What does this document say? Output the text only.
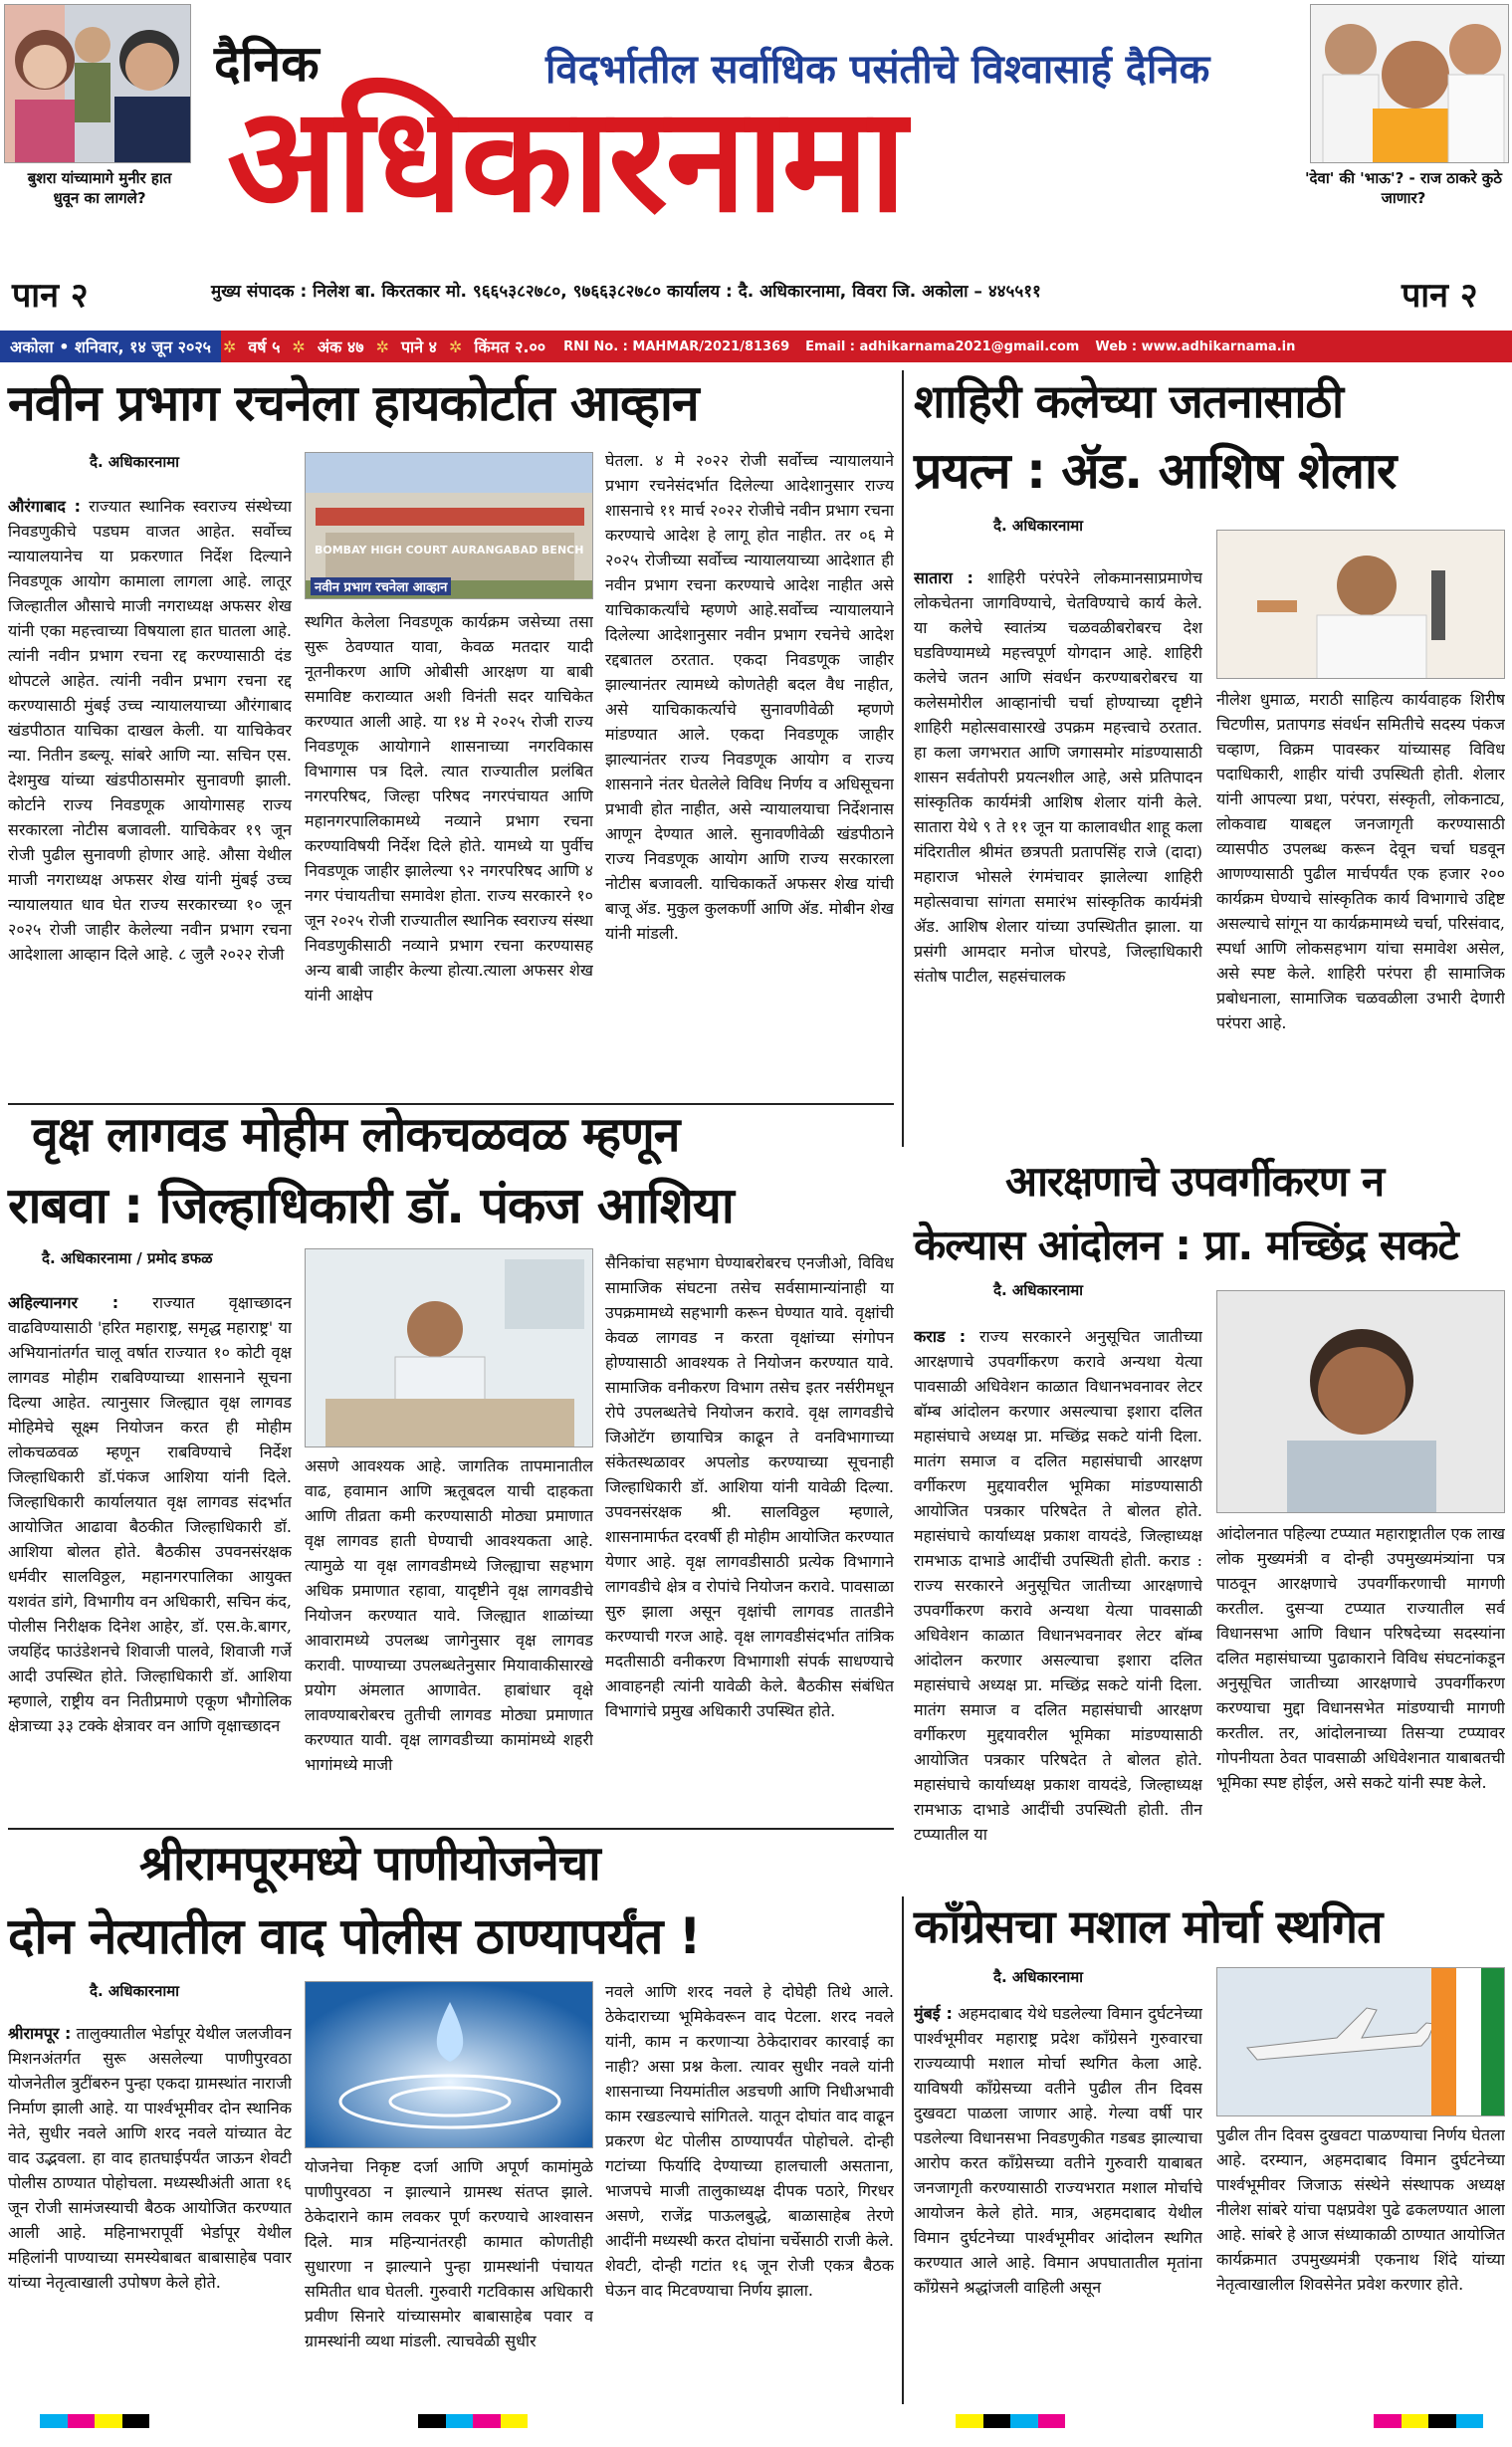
बुशरा यांच्यामागे मुनीर हात धुवून का लागले?
'देवा' की 'भाऊ'? - राज ठाकरे कुठे जाणार?
दैनिक	विदर्भातील सर्वाधिक पसंतीचे विश्वासार्ह दैनिक
अधिकारनामा
पान २	पान २
मुख्य संपादक : निलेश बा. किरतकार मो. ९६६५३८२७८०, ९७६६३८२७८० कार्यालय : दै. अधिकारनामा, विवरा जि. अकोला – ४४५५११
अकोला • शनिवार, १४ जून २०२५ ✲ वर्ष ५ ✲ अंक ४७ ✲ पाने ४ ✲ किंमत २.००	RNI No. : MAHMAR/2021/81369	Email : adhikarnama2021@gmail.com	Web : www.adhikarnama.in
नवीन प्रभाग रचनेला हायकोर्टात आव्हान
दै. अधिकारनामा
औरंगाबाद : राज्यात स्थानिक स्वराज्य संस्थेच्या निवडणुकीचे पडघम वाजत आहेत. सर्वोच्च न्यायालयानेच या प्रकरणात निर्देश दिल्याने निवडणूक आयोग कामाला लागला आहे. लातूर जिल्हातील औसाचे माजी नगराध्यक्ष अफसर शेख यांनी एका महत्त्वाच्या विषयाला हात घातला आहे. त्यांनी नवीन प्रभाग रचना रद्द करण्यासाठी दंड थोपटले आहेत. त्यांनी नवीन प्रभाग रचना रद्द करण्यासाठी मुंबई उच्च न्यायालयाच्या औरंगाबाद खंडपीठात याचिका दाखल केली. या याचिकेवर न्या. नितीन डब्ल्यू. सांबरे आणि न्या. सचिन एस. देशमुख यांच्या खंडपीठासमोर सुनावणी झाली. कोर्टाने राज्य निवडणूक आयोगासह राज्य सरकारला नोटीस बजावली. याचिकेवर १९ जून रोजी पुढील सुनावणी होणार आहे. औसा येथील माजी नगराध्यक्ष अफसर शेख यांनी मुंबई उच्च न्यायालयात धाव घेत राज्य सरकारच्या १० जून २०२५ रोजी जाहीर केलेल्या नवीन प्रभाग रचना आदेशाला आव्हान दिले आहे. ८ जुलै २०२२ रोजी
BOMBAY HIGH COURT AURANGABAD BENCH
नवीन प्रभाग रचनेला आव्हान
स्थगित केलेला निवडणूक कार्यक्रम जसेच्या तसा सुरू ठेवण्यात यावा, केवळ मतदार यादी नूतनीकरण आणि ओबीसी आरक्षण या बाबी समाविष्ट कराव्यात अशी विनंती सदर याचिकेत करण्यात आली आहे. या १४ मे २०२५ रोजी राज्य निवडणूक आयोगाने शासनाच्या नगरविकास विभागास पत्र दिले. त्यात राज्यातील प्रलंबित नगरपरिषद, जिल्हा परिषद नगरपंचायत आणि महानगरपालिकामध्ये नव्याने प्रभाग रचना करण्याविषयी निर्देश दिले होते. यामध्ये या पुर्वीच निवडणूक जाहीर झालेल्या ९२ नगरपरिषद आणि ४ नगर पंचायतीचा समावेश होता. राज्य सरकारने १० जून २०२५ रोजी राज्यातील स्थानिक स्वराज्य संस्था निवडणुकीसाठी नव्याने प्रभाग रचना करण्यासह अन्य बाबी जाहीर केल्या होत्या.त्याला अफसर शेख यांनी आक्षेप
घेतला. ४ मे २०२२ रोजी सर्वोच्च न्यायालयाने प्रभाग रचनेसंदर्भात दिलेल्या आदेशानुसार राज्य शासनाचे ११ मार्च २०२२ रोजीचे नवीन प्रभाग रचना करण्याचे आदेश हे लागू होत नाहीत. तर ०६ मे २०२५ रोजीच्या सर्वोच्च न्यायालयाच्या आदेशात ही नवीन प्रभाग रचना करण्याचे आदेश नाहीत असे याचिकाकर्त्यांचे म्हणणे आहे.सर्वोच्च न्यायालयाने दिलेल्या आदेशानुसार नवीन प्रभाग रचनेचे आदेश रद्दबातल ठरतात. एकदा निवडणूक जाहीर झाल्यानंतर त्यामध्ये कोणतेही बदल वैध नाहीत, असे याचिकाकर्त्याचे सुनावणीवेळी म्हणणे मांडण्यात आले. एकदा निवडणूक जाहीर झाल्यानंतर राज्य निवडणूक आयोग व राज्य शासनाने नंतर घेतलेले विविध निर्णय व अधिसूचना प्रभावी होत नाहीत, असे न्यायालयाचा निर्देशनास आणून देण्यात आले. सुनावणीवेळी खंडपीठाने राज्य निवडणूक आयोग आणि राज्य सरकारला नोटीस बजावली. याचिकाकर्ते अफसर शेख यांची बाजू ॲड. मुकुल कुलकर्णी आणि ॲड. मोबीन शेख यांनी मांडली.
शाहिरी कलेच्या जतनासाठी
प्रयत्न : ॲड. आशिष शेलार
दै. अधिकारनामा
सातारा : शाहिरी परंपरेने लोकमानसाप्रमाणेच लोकचेतना जागविण्याचे, चेतविण्याचे कार्य केले. या कलेचे स्वातंत्र्य चळवळीबरोबरच देश घडविण्यामध्ये महत्त्वपूर्ण योगदान आहे. शाहिरी कलेचे जतन आणि संवर्धन करण्याबरोबरच या कलेसमोरील आव्हानांची चर्चा होण्याच्या दृष्टीने शाहिरी महोत्सवासारखे उपक्रम महत्त्वाचे ठरतात. हा कला जगभरात आणि जगासमोर मांडण्यासाठी शासन सर्वतोपरी प्रयत्नशील आहे, असे प्रतिपादन सांस्कृतिक कार्यमंत्री आशिष शेलार यांनी केले. सातारा येथे ९ ते ११ जून या कालावधीत शाहू कला मंदिरातील श्रीमंत छत्रपती प्रतापसिंह राजे (दादा) महाराज भोसले रंगमंचावर झालेल्या शाहिरी महोत्सवाचा सांगता समारंभ सांस्कृतिक कार्यमंत्री ॲड. आशिष शेलार यांच्या उपस्थितीत झाला. या प्रसंगी आमदार मनोज घोरपडे, जिल्हाधिकारी संतोष पाटील, सहसंचालक
नीलेश धुमाळ, मराठी साहित्य कार्यवाहक शिरीष चिटणीस, प्रतापगड संवर्धन समितीचे सदस्य पंकज चव्हाण, विक्रम पावस्कर यांच्यासह विविध पदाधिकारी, शाहीर यांची उपस्थिती होती. शेलार यांनी आपल्या प्रथा, परंपरा, संस्कृती, लोकनाट्य, लोकवाद्य याबद्दल जनजागृती करण्यासाठी व्यासपीठ उपलब्ध करून देवून चर्चा घडवून आणण्यासाठी पुढील मार्चपर्यंत एक हजार २०० कार्यक्रम घेण्याचे सांस्कृतिक कार्य विभागाचे उद्दिष्ट असल्याचे सांगून या कार्यक्रमामध्ये चर्चा, परिसंवाद, स्पर्धा आणि लोकसहभाग यांचा समावेश असेल, असे स्पष्ट केले. शाहिरी परंपरा ही सामाजिक प्रबोधनाला, सामाजिक चळवळीला उभारी देणारी परंपरा आहे.
वृक्ष लागवड मोहीम लोकचळवळ म्हणून
राबवा : जिल्हाधिकारी डॉ. पंकज आशिया
दै. अधिकारनामा / प्रमोद डफळ
अहिल्यानगर : राज्यात वृक्षाच्छादन वाढविण्यासाठी 'हरित महाराष्ट्र, समृद्ध महाराष्ट्र' या अभियानांतर्गत चालू वर्षात राज्यात १० कोटी वृक्ष लागवड मोहीम राबविण्याच्या शासनाने सूचना दिल्या आहेत. त्यानुसार जिल्ह्यात वृक्ष लागवड मोहिमेचे सूक्ष्म नियोजन करत ही मोहीम लोकचळवळ म्हणून राबविण्याचे निर्देश जिल्हाधिकारी डॉ.पंकज आशिया यांनी दिले. जिल्हाधिकारी कार्यालयात वृक्ष लागवड संदर्भात आयोजित आढावा बैठकीत जिल्हाधिकारी डॉ. आशिया बोलत होते. बैठकीस उपवनसंरक्षक धर्मवीर सालविठ्ठल, महानगरपालिका आयुक्त यशवंत डांगे, विभागीय वन अधिकारी, सचिन कंद, पोलीस निरीक्षक दिनेश आहेर, डॉ. एस.के.बागर, जयहिंद फाउंडेशनचे शिवाजी पालवे, शिवाजी गर्जे आदी उपस्थित होते. जिल्हाधिकारी डॉ. आशिया म्हणाले, राष्ट्रीय वन नितीप्रमाणे एकूण भौगोलिक क्षेत्राच्या ३३ टक्के क्षेत्रावर वन आणि वृक्षाच्छादन
असणे आवश्यक आहे. जागतिक तापमानातील वाढ, हवामान आणि ऋतूबदल याची दाहकता आणि तीव्रता कमी करण्यासाठी मोठ्या प्रमाणात वृक्ष लागवड हाती घेण्याची आवश्यकता आहे. त्यामुळे या वृक्ष लागवडीमध्ये जिल्ह्याचा सहभाग अधिक प्रमाणात रहावा, यादृष्टीने वृक्ष लागवडीचे नियोजन करण्यात यावे. जिल्ह्यात शाळांच्या आवारामध्ये उपलब्ध जागेनुसार वृक्ष लागवड करावी. पाण्याच्या उपलब्धतेनुसार मियावाकीसारखे प्रयोग अंमलात आणावेत. हाबांधार वृक्षे लावण्याबरोबरच तुतीची लागवड मोठ्या प्रमाणात करण्यात यावी. वृक्ष लागवडीच्या कामांमध्ये शहरी भागांमध्ये माजी
सैनिकांचा सहभाग घेण्याबरोबरच एनजीओ, विविध सामाजिक संघटना तसेच सर्वसामान्यांनाही या उपक्रमामध्ये सहभागी करून घेण्यात यावे. वृक्षांची केवळ लागवड न करता वृक्षांच्या संगोपन होण्यासाठी आवश्यक ते नियोजन करण्यात यावे. सामाजिक वनीकरण विभाग तसेच इतर नर्सरीमधून रोपे उपलब्धतेचे नियोजन करावे. वृक्ष लागवडीचे जिओटॅग छायाचित्र काढून ते वनविभागाच्या संकेतस्थळावर अपलोड करण्याच्या सूचनाही जिल्हाधिकारी डॉ. आशिया यांनी यावेळी दिल्या. उपवनसंरक्षक श्री. सालविठ्ठल म्हणाले, शासनामार्फत दरवर्षी ही मोहीम आयोजित करण्यात येणार आहे. वृक्ष लागवडीसाठी प्रत्येक विभागाने लागवडीचे क्षेत्र व रोपांचे नियोजन करावे. पावसाळा सुरु झाला असून वृक्षांची लागवड तातडीने करण्याची गरज आहे. वृक्ष लागवडीसंदर्भात तांत्रिक मदतीसाठी वनीकरण विभागाशी संपर्क साधण्याचे आवाहनही त्यांनी यावेळी केले. बैठकीस संबंधित विभागांचे प्रमुख अधिकारी उपस्थित होते.
आरक्षणाचे उपवर्गीकरण न
केल्यास आंदोलन : प्रा. मच्छिंद्र सकटे
दै. अधिकारनामा
कराड : राज्य सरकारने अनुसूचित जातीच्या आरक्षणाचे उपवर्गीकरण करावे अन्यथा येत्या पावसाळी अधिवेशन काळात विधानभवनावर लेटर बॉम्ब आंदोलन करणार असल्याचा इशारा दलित महासंघाचे अध्यक्ष प्रा. मच्छिंद्र सकटे यांनी दिला. मातंग समाज व दलित महासंघाची आरक्षण वर्गीकरण मुद्दयावरील भूमिका मांडण्यासाठी आयोजित पत्रकार परिषदेत ते बोलत होते. महासंघाचे कार्याध्यक्ष प्रकाश वायदंडे, जिल्हाध्यक्ष रामभाऊ दाभाडे आदींची उपस्थिती होती. कराड : राज्य सरकारने अनुसूचित जातीच्या आरक्षणाचे उपवर्गीकरण करावे अन्यथा येत्या पावसाळी अधिवेशन काळात विधानभवनावर लेटर बॉम्ब आंदोलन करणार असल्याचा इशारा दलित महासंघाचे अध्यक्ष प्रा. मच्छिंद्र सकटे यांनी दिला. मातंग समाज व दलित महासंघाची आरक्षण वर्गीकरण मुद्दयावरील भूमिका मांडण्यासाठी आयोजित पत्रकार परिषदेत ते बोलत होते. महासंघाचे कार्याध्यक्ष प्रकाश वायदंडे, जिल्हाध्यक्ष रामभाऊ दाभाडे आदींची उपस्थिती होती. तीन टप्प्यातील या
आंदोलनात पहिल्या टप्प्यात महाराष्ट्रातील एक लाख लोक मुख्यमंत्री व दोन्ही उपमुख्यमंत्र्यांना पत्र पाठवून आरक्षणाचे उपवर्गीकरणाची मागणी करतील. दुसऱ्या टप्प्यात राज्यातील सर्व विधानसभा आणि विधान परिषदेच्या सदस्यांना दलित महासंघाच्या पुढाकाराने विविध संघटनांकडून अनुसूचित जातीच्या आरक्षणाचे उपवर्गीकरण करण्याचा मुद्दा विधानसभेत मांडण्याची मागणी करतील. तर, आंदोलनाच्या तिसऱ्या टप्प्यावर गोपनीयता ठेवत पावसाळी अधिवेशनात याबाबतची भूमिका स्पष्ट होईल, असे सकटे यांनी स्पष्ट केले.
श्रीरामपूरमध्ये पाणीयोजनेचा
दोन नेत्यातील वाद पोलीस ठाण्यापर्यंत !
दै. अधिकारनामा
श्रीरामपूर : तालुक्यातील भेर्डापूर येथील जलजीवन मिशनअंतर्गत सुरू असलेल्या पाणीपुरवठा योजनेतील त्रुटींबरुन पुन्हा एकदा ग्रामस्थांत नाराजी निर्माण झाली आहे. या पार्श्वभूमीवर दोन स्थानिक नेते, सुधीर नवले आणि शरद नवले यांच्यात वेट वाद उद्भवला. हा वाद हातघाईपर्यंत जाऊन शेवटी पोलीस ठाण्यात पोहोचला. मध्यस्थीअंती आता १६ जून रोजी सामंजस्याची बैठक आयोजित करण्यात आली आहे. महिनाभरापूर्वी भेर्डापूर येथील महिलांनी पाण्याच्या समस्येबाबत बाबासाहेब पवार यांच्या नेतृत्वाखाली उपोषण केले होते.
योजनेचा निकृष्ट दर्जा आणि अपूर्ण कामांमुळे पाणीपुरवठा न झाल्याने ग्रामस्थ संतप्त झाले. ठेकेदाराने काम लवकर पूर्ण करण्याचे आश्वासन दिले. मात्र महिन्यानंतरही कामात कोणतीही सुधारणा न झाल्याने पुन्हा ग्रामस्थांनी पंचायत समितीत धाव घेतली. गुरुवारी गटविकास अधिकारी प्रवीण सिनारे यांच्यासमोर बाबासाहेब पवार व ग्रामस्थांनी व्यथा मांडली. त्याचवेळी सुधीर
नवले आणि शरद नवले हे दोघेही तिथे आले. ठेकेदाराच्या भूमिकेवरून वाद पेटला. शरद नवले यांनी, काम न करणाऱ्या ठेकेदारावर कारवाई का नाही? असा प्रश्न केला. त्यावर सुधीर नवले यांनी शासनाच्या नियमांतील अडचणी आणि निधीअभावी काम रखडल्याचे सांगितले. यातून दोघांत वाद वाढून प्रकरण थेट पोलीस ठाण्यापर्यंत पोहोचले. दोन्ही गटांच्या फिर्यादि देण्याच्या हालचाली असताना, भाजपचे माजी तालुकाध्यक्ष दीपक पठारे, गिरधर असणे, राजेंद्र पाऊलबुद्धे, बाळासाहेब तेरणे आदींनी मध्यस्थी करत दोघांना चर्चेसाठी राजी केले. शेवटी, दोन्ही गटांत १६ जून रोजी एकत्र बैठक घेऊन वाद मिटवण्याचा निर्णय झाला.
काँग्रेसचा मशाल मोर्चा स्थगित
दै. अधिकारनामा
मुंबई : अहमदाबाद येथे घडलेल्या विमान दुर्घटनेच्या पार्श्वभूमीवर महाराष्ट्र प्रदेश काँग्रेसने गुरुवारचा राज्यव्यापी मशाल मोर्चा स्थगित केला आहे. याविषयी काँग्रेसच्या वतीने पुढील तीन दिवस दुखवटा पाळला जाणार आहे. गेल्या वर्षी पार पडलेल्या विधानसभा निवडणुकीत गडबड झाल्याचा आरोप करत काँग्रेसच्या वतीने गुरुवारी याबाबत जनजागृती करण्यासाठी राज्यभरात मशाल मोर्चाचे आयोजन केले होते. मात्र, अहमदाबाद येथील विमान दुर्घटनेच्या पार्श्वभूमीवर आंदोलन स्थगित करण्यात आले आहे. विमान अपघातातील मृतांना काँग्रेसने श्रद्धांजली वाहिली असून
पुढील तीन दिवस दुखवटा पाळण्याचा निर्णय घेतला आहे. दरम्यान, अहमदाबाद विमान दुर्घटनेच्या पार्श्वभूमीवर जिजाऊ संस्थेने संस्थापक अध्यक्ष नीलेश सांबरे यांचा पक्षप्रवेश पुढे ढकलण्यात आला आहे. सांबरे हे आज संध्याकाळी ठाण्यात आयोजित कार्यक्रमात उपमुख्यमंत्री एकनाथ शिंदे यांच्या नेतृत्वाखालील शिवसेनेत प्रवेश करणार होते.
